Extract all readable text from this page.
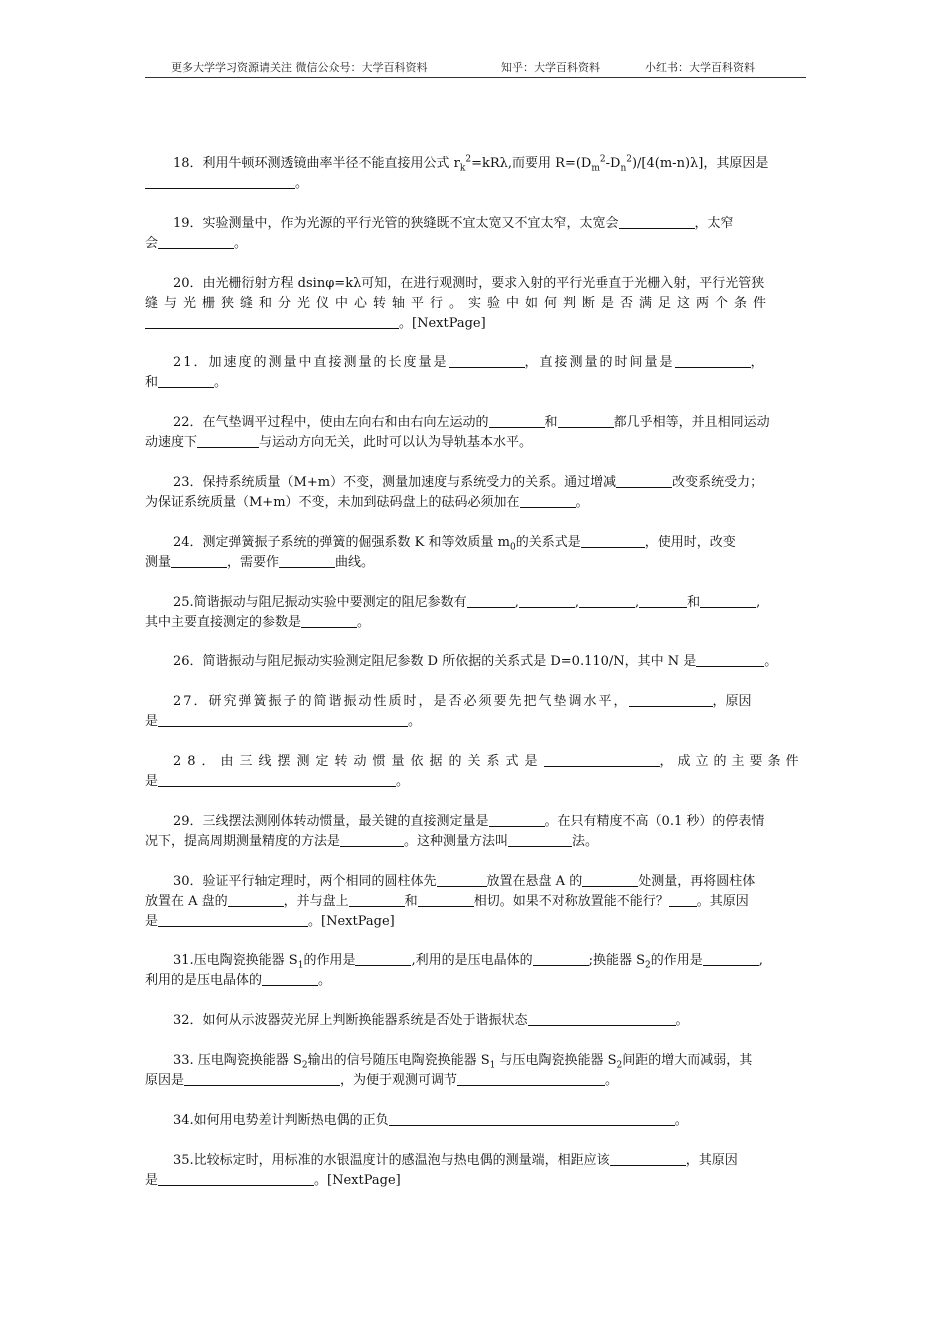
更多大学学习资源请关注 微信公众号：大学百科资料	知乎：大学百科资料	小红书：大学百科资料
18．利用牛顿环测透镜曲率半径不能直接用公式 $r_k^2=kR\lambda$,而要用 $R=(D_m^2-D_n^2)/[4(m-n)\lambda]$，其原因是
。
19．实验测量中，作为光源的平行光管的狭缝既不宜太宽又不宜太窄，太宽会	，太窄
会	。
20．由光栅衍射方程 dsinφ=kλ可知，在进行观测时，要求入射的平行光垂直于光栅入射，平行光管狭
缝与光栅狭缝和分光仪中心转轴平行。实验中如何判断是否满足这两个条件
。[NextPage]
21．加速度的测量中直接测量的长度量是	，直接测量的时间量是	，
和	。
22．在气垫调平过程中，使由左向右和由右向左运动的	和	都几乎相等，并且相同运动
动速度下	与运动方向无关，此时可以认为导轨基本水平。
23．保持系统质量（M+m）不变，测量加速度与系统受力的关系。通过增减	改变系统受力；
为保证系统质量（M+m）不变，未加到砝码盘上的砝码必须加在	。
24．测定弹簧振子系统的弹簧的倔强系数 K 和等效质量 $m_0$的关系式是	，使用时，改变
测量	，需要作	曲线。
25.简谐振动与阻尼振动实验中要测定的阻尼参数有	,	,	,	和	,
其中主要直接测定的参数是	。
26．简谐振动与阻尼振动实验测定阻尼参数 D 所依据的关系式是 D=0.110/N，其中 N 是	。
27．研究弹簧振子的简谐振动性质时，是否必须要先把气垫调水平，	，原因
是	。
28．由三线摆测定转动惯量依据的关系式是	，成立的主要条件
是	。
29．三线摆法测刚体转动惯量，最关键的直接测定量是	。在只有精度不高（0.1 秒）的停表情
况下，提高周期测量精度的方法是	。这种测量方法叫	法。
30．验证平行轴定理时，两个相同的圆柱体先	放置在悬盘 A 的	处测量，再将圆柱体
放置在 A 盘的	，并与盘上	和	相切。如果不对称放置能不能行？ 。其原因
是	。[NextPage]
31.压电陶瓷换能器 $S_1$的作用是	,利用的是压电晶体的	;换能器 $S_2$的作用是	,
利用的是压电晶体的	。
32．如何从示波器荧光屏上判断换能器系统是否处于谐振状态	。
33. 压电陶瓷换能器 $S_2$输出的信号随压电陶瓷换能器 $S_1$ 与压电陶瓷换能器 $S_2$间距的增大而减弱，其
原因是	，为便于观测可调节	。
34.如何用电势差计判断热电偶的正负	。
35.比较标定时，用标准的水银温度计的感温泡与热电偶的测量端，相距应该	，其原因
是	。[NextPage]
